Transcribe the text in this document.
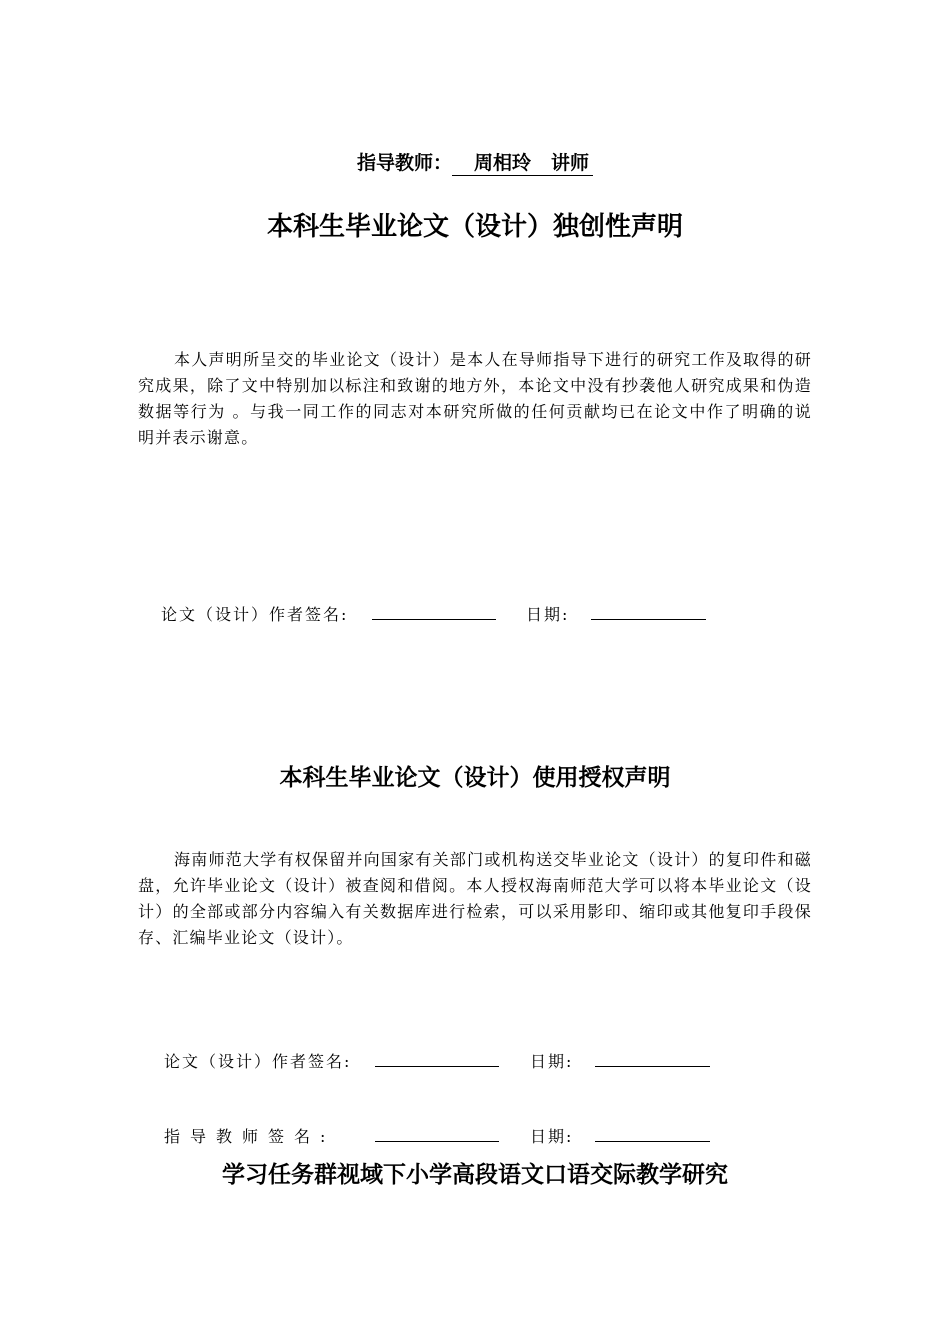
指导教师： 周相玲 讲师
本科生毕业论文（设计）独创性声明
本人声明所呈交的毕业论文（设计）是本人在导师指导下进行的研究工作及取得的研究成果，除了文中特别加以标注和致谢的地方外，本论文中没有抄袭他人研究成果和伪造数据等行为 。与我一同工作的同志对本研究所做的任何贡献均已在论文中作了明确的说明并表示谢意。
论文（设计）作者签名:	日期:
本科生毕业论文（设计）使用授权声明
海南师范大学有权保留并向国家有关部门或机构送交毕业论文（设计）的复印件和磁盘，允许毕业论文（设计）被查阅和借阅。本人授权海南师范大学可以将本毕业论文（设计）的全部或部分内容编入有关数据库进行检索，可以采用影印、缩印或其他复印手段保存、汇编毕业论文（设计）。
论文（设计）作者签名:	日期:
指导教师签名:	日期:
学习任务群视域下小学高段语文口语交际教学研究
